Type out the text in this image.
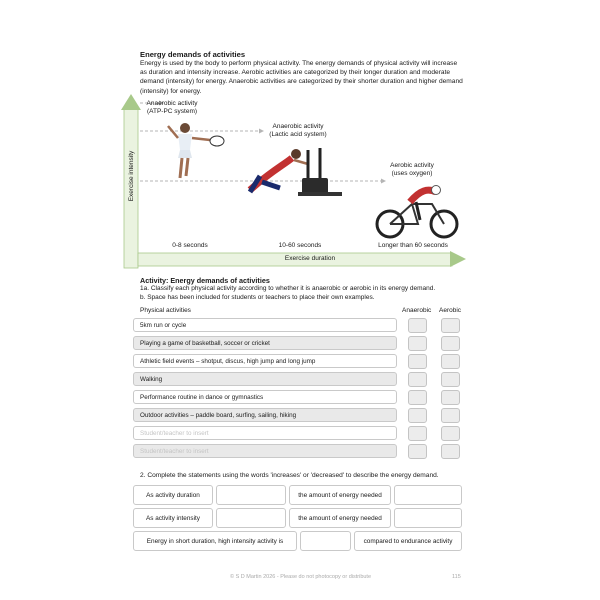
Energy demands of activities
Energy is used by the body to perform physical activity. The energy demands of physical activity will increase as duration and intensity increase. Aerobic activities are categorized by their longer duration and moderate demand (intensity) for energy. Anaerobic activities are categorized by their shorter duration and higher demand (intensity) for energy.
Anaerobic activity
(ATP-PC system)
Anaerobic activity
(Lactic acid system)
Aerobic activity
(uses oxygen)
0-8 seconds	10-60 seconds	Longer than 60 seconds
Exercise duration
Exercise intensity
Activity: Energy demands of activities
1a. Classify each physical activity according to whether it is anaerobic or aerobic in its energy demand.
b. Space has been included for students or teachers to place their own examples.
Physical activities	Anaerobic Aerobic
5km run or cycle
Playing a game of basketball, soccer or cricket
Athletic field events – shotput, discus, high jump and long jump
Walking
Performance routine in dance or gymnastics
Outdoor activities – paddle board, surfing, sailing, hiking
Student/teacher to insert
Student/teacher to insert
2. Complete the statements using the words 'increases' or 'decreased' to describe the energy demand.
As activity duration	the amount of energy needed
As activity intensity	the amount of energy needed
Energy in short duration, high intensity activity is	compared to endurance activity
© S D Martin 2026 - Please do not photocopy or distribute	115
